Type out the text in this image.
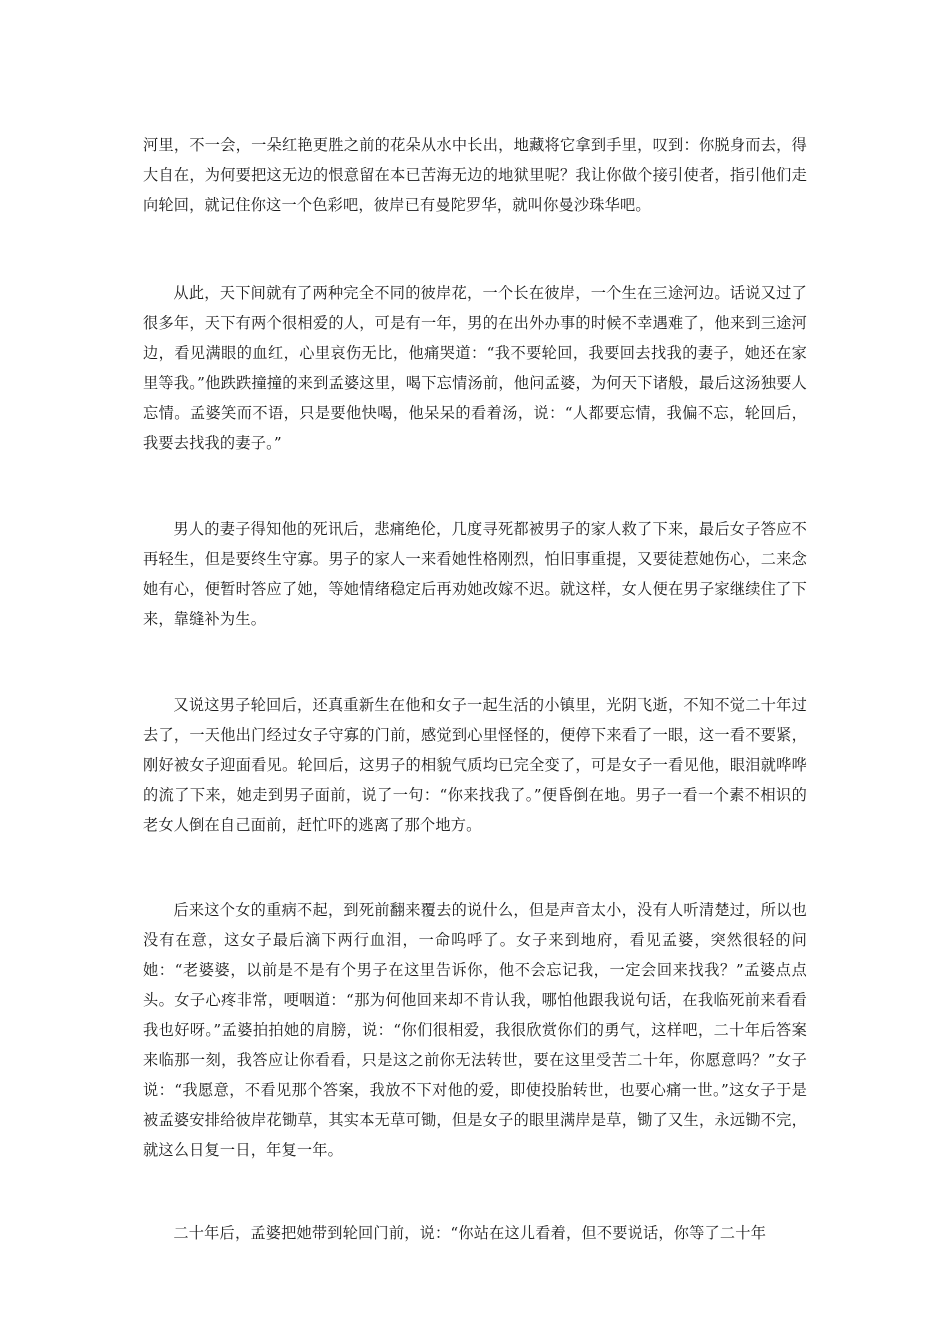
河里，不一会，一朵红艳更胜之前的花朵从水中长出，地藏将它拿到手里，叹到：你脱身而去，得大自在，为何要把这无边的恨意留在本已苦海无边的地狱里呢？我让你做个接引使者，指引他们走向轮回，就记住你这一个色彩吧，彼岸已有曼陀罗华，就叫你曼沙珠华吧。

从此，天下间就有了两种完全不同的彼岸花，一个长在彼岸，一个生在三途河边。话说又过了很多年，天下有两个很相爱的人，可是有一年，男的在出外办事的时候不幸遇难了，他来到三途河边，看见满眼的血红，心里哀伤无比，他痛哭道：“我不要轮回，我要回去找我的妻子，她还在家里等我。”他跌跌撞撞的来到孟婆这里，喝下忘情汤前，他问孟婆，为何天下诸般，最后这汤独要人忘情。孟婆笑而不语，只是要他快喝，他呆呆的看着汤，说：“人都要忘情，我偏不忘，轮回后，我要去找我的妻子。”

男人的妻子得知他的死讯后，悲痛绝伦，几度寻死都被男子的家人救了下来，最后女子答应不再轻生，但是要终生守寡。男子的家人一来看她性格刚烈，怕旧事重提，又要徒惹她伤心，二来念她有心，便暂时答应了她，等她情绪稳定后再劝她改嫁不迟。就这样，女人便在男子家继续住了下来，靠缝补为生。

又说这男子轮回后，还真重新生在他和女子一起生活的小镇里，光阴飞逝，不知不觉二十年过去了，一天他出门经过女子守寡的门前，感觉到心里怪怪的，便停下来看了一眼，这一看不要紧，刚好被女子迎面看见。轮回后，这男子的相貌气质均已完全变了，可是女子一看见他，眼泪就哗哗的流了下来，她走到男子面前，说了一句：“你来找我了。”便昏倒在地。男子一看一个素不相识的老女人倒在自己面前，赶忙吓的逃离了那个地方。

后来这个女的重病不起，到死前翻来覆去的说什么，但是声音太小，没有人听清楚过，所以也没有在意，这女子最后滴下两行血泪，一命呜呼了。女子来到地府，看见孟婆，突然很轻的问她：“老婆婆，以前是不是有个男子在这里告诉你，他不会忘记我，一定会回来找我？”孟婆点点头。女子心疼非常，哽咽道：“那为何他回来却不肯认我，哪怕他跟我说句话，在我临死前来看看我也好呀。”孟婆拍拍她的肩膀，说：“你们很相爱，我很欣赏你们的勇气，这样吧，二十年后答案来临那一刻，我答应让你看看，只是这之前你无法转世，要在这里受苦二十年，你愿意吗？”女子说：“我愿意，不看见那个答案，我放不下对他的爱，即使投胎转世，也要心痛一世。”这女子于是被孟婆安排给彼岸花锄草，其实本无草可锄，但是女子的眼里满岸是草，锄了又生，永远锄不完，就这么日复一日，年复一年。

二十年后，孟婆把她带到轮回门前，说：“你站在这儿看着，但不要说话，你等了二十年
